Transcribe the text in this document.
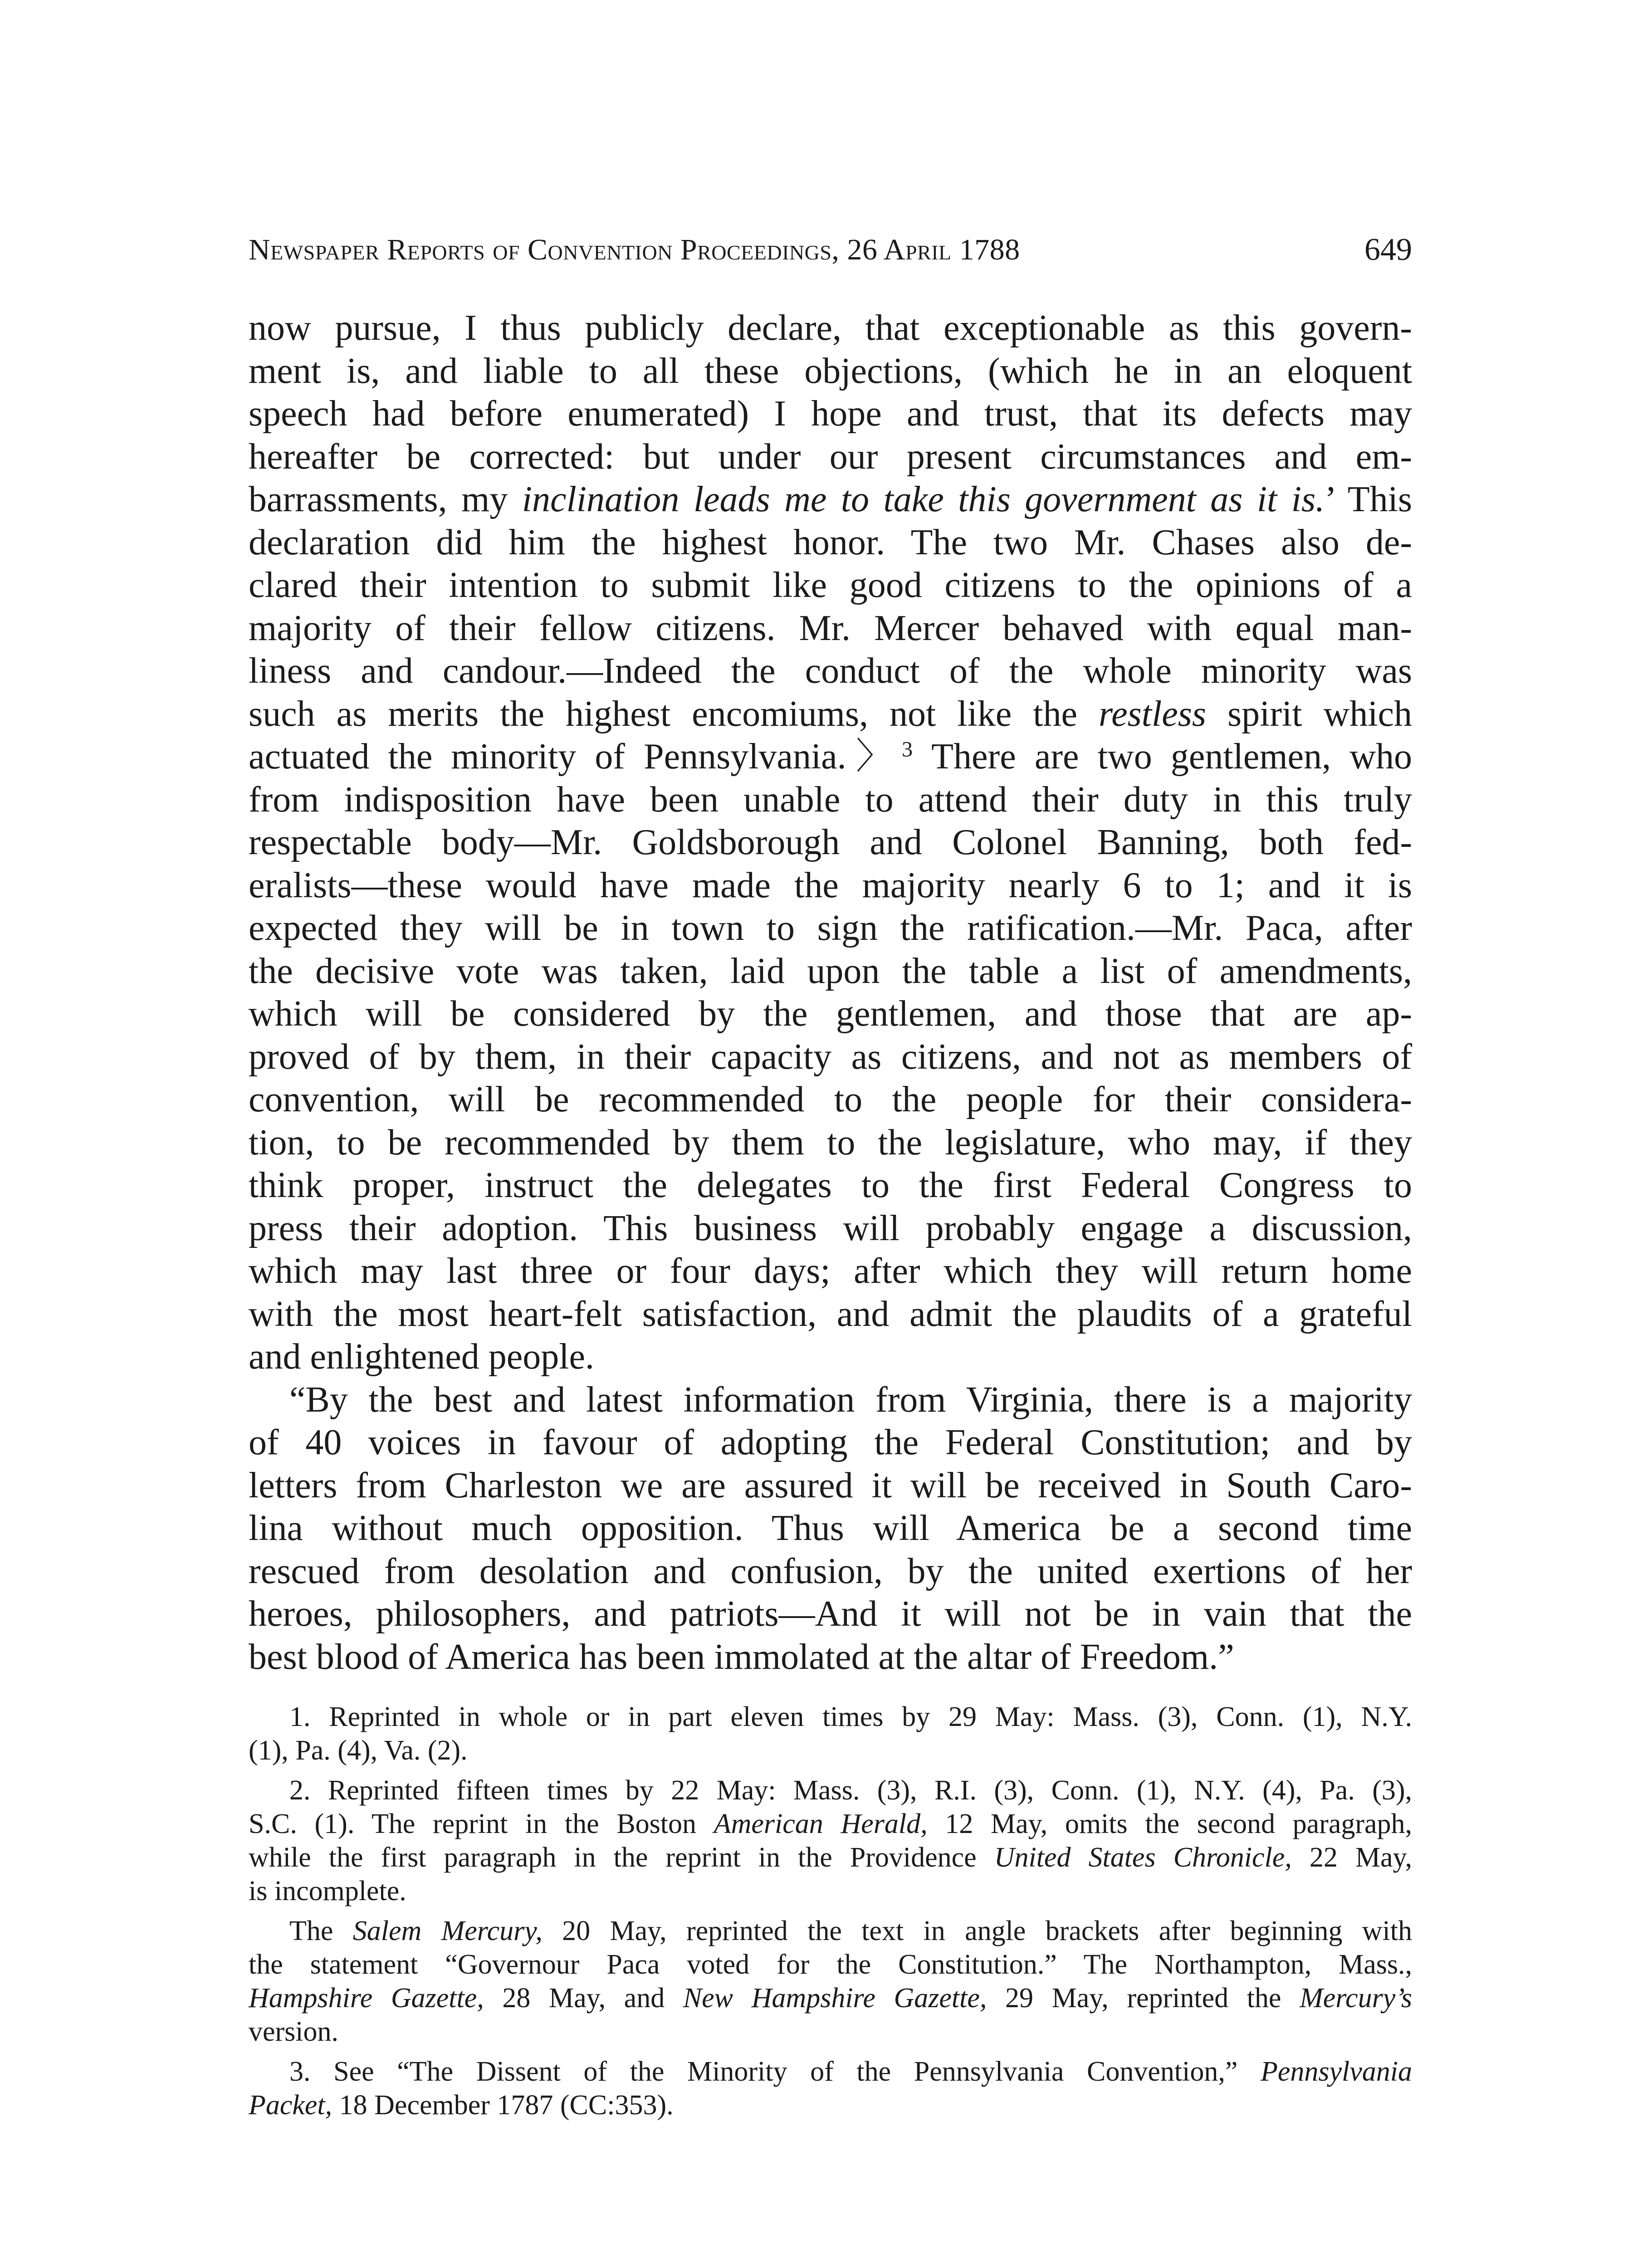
Newspaper Reports of Convention Proceedings, 26 April 1788	649
now pursue, I thus publicly declare, that exceptionable as this govern-
ment is, and liable to all these objections, (which he in an eloquent
speech had before enumerated) I hope and trust, that its defects may
hereafter be corrected: but under our present circumstances and em-
barrassments, my inclination leads me to take this government as it is.’ This
declaration did him the highest honor. The two Mr. Chases also de-
clared their intention to submit like good citizens to the opinions of a
majority of their fellow citizens. Mr. Mercer behaved with equal man-
liness and candour.—Indeed the conduct of the whole minority was
such as merits the highest encomiums, not like the restless spirit which
actuated the minority of Pennsylvania.〉$^3$ There are two gentlemen, who
from indisposition have been unable to attend their duty in this truly
respectable body—Mr. Goldsborough and Colonel Banning, both fed-
eralists—these would have made the majority nearly 6 to 1; and it is
expected they will be in town to sign the ratification.—Mr. Paca, after
the decisive vote was taken, laid upon the table a list of amendments,
which will be considered by the gentlemen, and those that are ap-
proved of by them, in their capacity as citizens, and not as members of
convention, will be recommended to the people for their considera-
tion, to be recommended by them to the legislature, who may, if they
think proper, instruct the delegates to the first Federal Congress to
press their adoption. This business will probably engage a discussion,
which may last three or four days; after which they will return home
with the most heart-felt satisfaction, and admit the plaudits of a grateful
and enlightened people.
“By the best and latest information from Virginia, there is a majority
of 40 voices in favour of adopting the Federal Constitution; and by
letters from Charleston we are assured it will be received in South Caro-
lina without much opposition. Thus will America be a second time
rescued from desolation and confusion, by the united exertions of her
heroes, philosophers, and patriots—And it will not be in vain that the
best blood of America has been immolated at the altar of Freedom.”
1. Reprinted in whole or in part eleven times by 29 May: Mass. (3), Conn. (1), N.Y.
(1), Pa. (4), Va. (2).
2. Reprinted fifteen times by 22 May: Mass. (3), R.I. (3), Conn. (1), N.Y. (4), Pa. (3),
S.C. (1). The reprint in the Boston American Herald, 12 May, omits the second paragraph,
while the first paragraph in the reprint in the Providence United States Chronicle, 22 May,
is incomplete.
The Salem Mercury, 20 May, reprinted the text in angle brackets after beginning with
the statement “Governour Paca voted for the Constitution.” The Northampton, Mass.,
Hampshire Gazette, 28 May, and New Hampshire Gazette, 29 May, reprinted the Mercury’s
version.
3. See “The Dissent of the Minority of the Pennsylvania Convention,” Pennsylvania
Packet, 18 December 1787 (CC:353).
